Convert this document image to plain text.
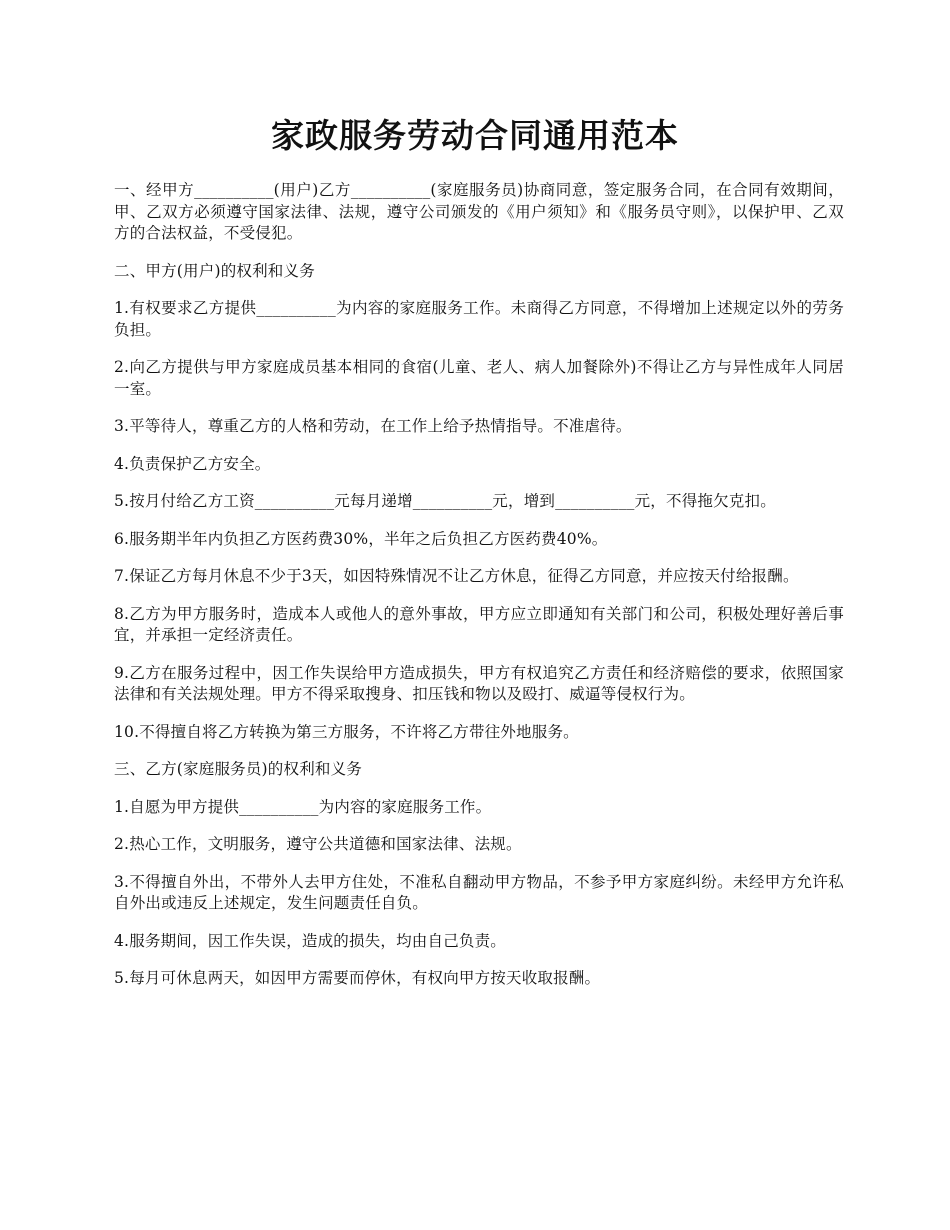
家政服务劳动合同通用范本

一、经甲方__________(用户)乙方__________(家庭服务员)协商同意，签定服务合同，在合同有效期间，甲、乙双方必须遵守国家法律、法规，遵守公司颁发的《用户须知》和《服务员守则》，以保护甲、乙双方的合法权益，不受侵犯。

二、甲方(用户)的权利和义务

1.有权要求乙方提供__________为内容的家庭服务工作。未商得乙方同意，不得增加上述规定以外的劳务负担。

2.向乙方提供与甲方家庭成员基本相同的食宿(儿童、老人、病人加餐除外)不得让乙方与异性成年人同居一室。

3.平等待人，尊重乙方的人格和劳动，在工作上给予热情指导。不准虐待。

4.负责保护乙方安全。

5.按月付给乙方工资__________元每月递增__________元，增到__________元，不得拖欠克扣。

6.服务期半年内负担乙方医药费30%，半年之后负担乙方医药费40%。

7.保证乙方每月休息不少于3天，如因特殊情况不让乙方休息，征得乙方同意，并应按天付给报酬。

8.乙方为甲方服务时，造成本人或他人的意外事故，甲方应立即通知有关部门和公司，积极处理好善后事宜，并承担一定经济责任。

9.乙方在服务过程中，因工作失误给甲方造成损失，甲方有权追究乙方责任和经济赔偿的要求，依照国家法律和有关法规处理。甲方不得采取搜身、扣压钱和物以及殴打、威逼等侵权行为。

10.不得擅自将乙方转换为第三方服务，不许将乙方带往外地服务。

三、乙方(家庭服务员)的权利和义务

1.自愿为甲方提供__________为内容的家庭服务工作。

2.热心工作，文明服务，遵守公共道德和国家法律、法规。

3.不得擅自外出，不带外人去甲方住处，不准私自翻动甲方物品，不参予甲方家庭纠纷。未经甲方允许私自外出或违反上述规定，发生问题责任自负。

4.服务期间，因工作失误，造成的损失，均由自己负责。

5.每月可休息两天，如因甲方需要而停休，有权向甲方按天收取报酬。
